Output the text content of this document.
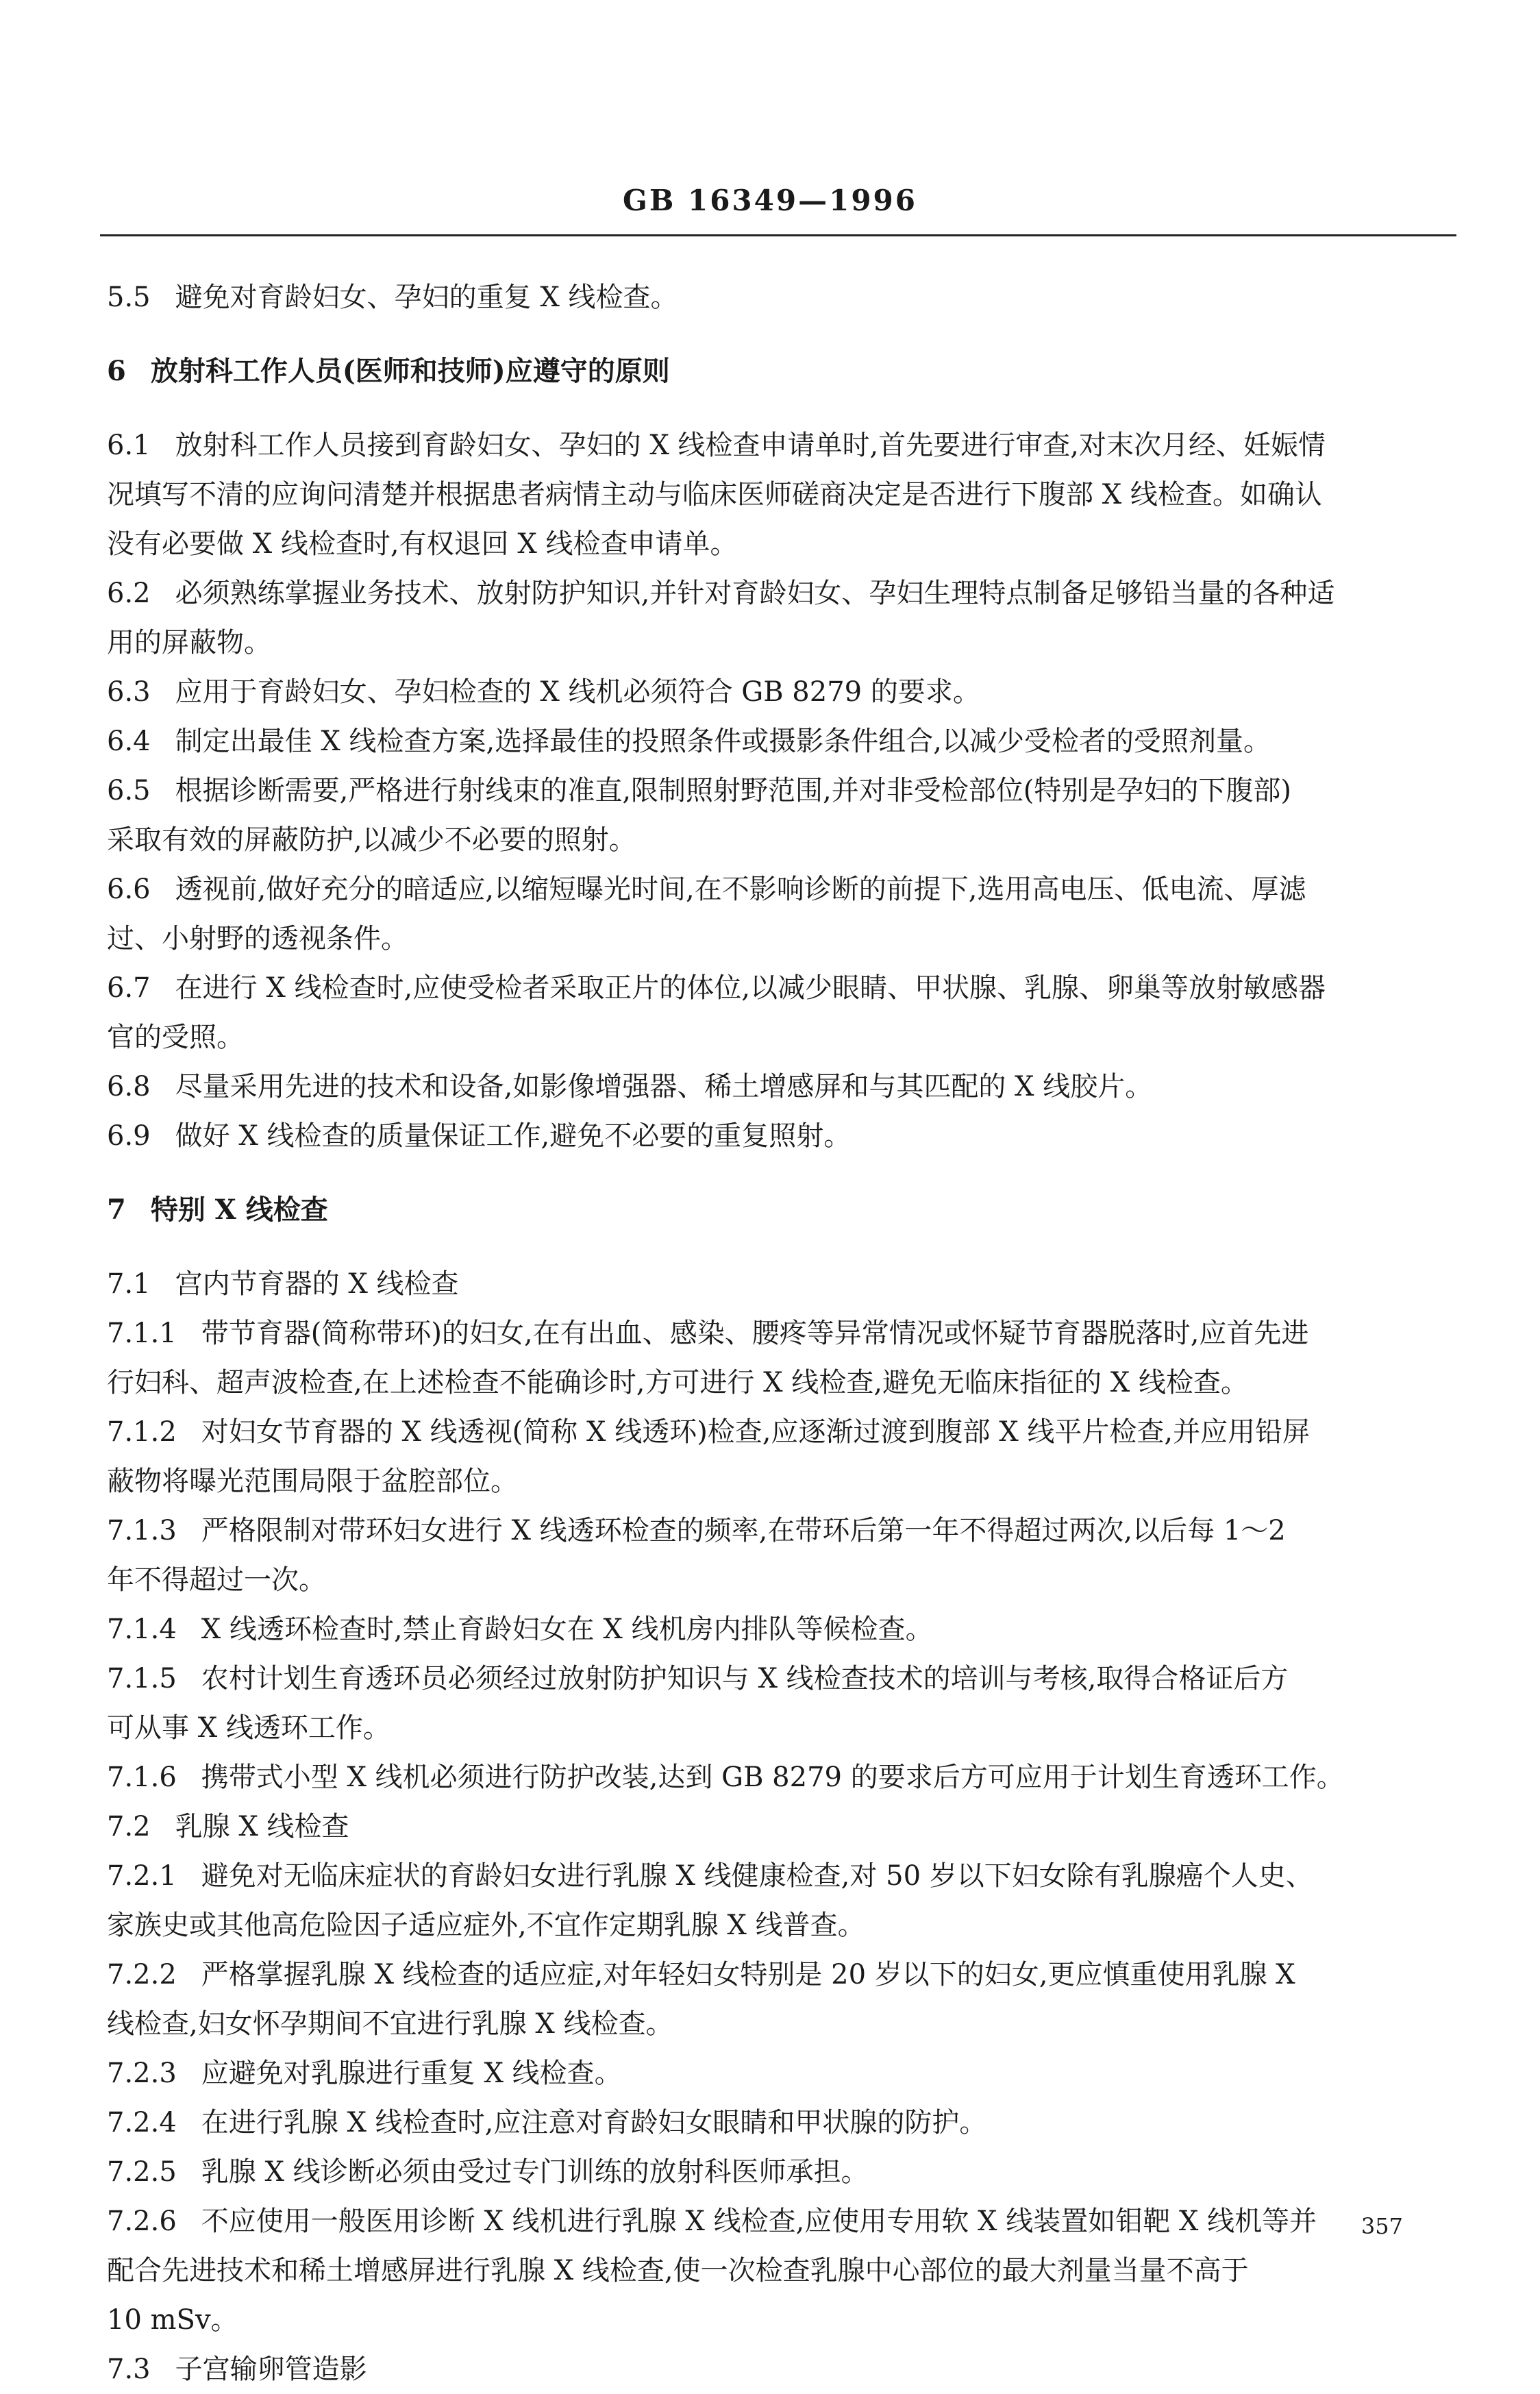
GB 16349—1996
5.5 避免对育龄妇女、孕妇的重复 X 线检查。
6 放射科工作人员(医师和技师)应遵守的原则
6.1 放射科工作人员接到育龄妇女、孕妇的 X 线检查申请单时,首先要进行审查,对末次月经、妊娠情
况填写不清的应询问清楚并根据患者病情主动与临床医师磋商决定是否进行下腹部 X 线检查。如确认
没有必要做 X 线检查时,有权退回 X 线检查申请单。
6.2 必须熟练掌握业务技术、放射防护知识,并针对育龄妇女、孕妇生理特点制备足够铅当量的各种适
用的屏蔽物。
6.3 应用于育龄妇女、孕妇检查的 X 线机必须符合 GB 8279 的要求。
6.4 制定出最佳 X 线检查方案,选择最佳的投照条件或摄影条件组合,以减少受检者的受照剂量。
6.5 根据诊断需要,严格进行射线束的准直,限制照射野范围,并对非受检部位(特别是孕妇的下腹部)
采取有效的屏蔽防护,以减少不必要的照射。
6.6 透视前,做好充分的暗适应,以缩短曝光时间,在不影响诊断的前提下,选用高电压、低电流、厚滤
过、小射野的透视条件。
6.7 在进行 X 线检查时,应使受检者采取正片的体位,以减少眼睛、甲状腺、乳腺、卵巢等放射敏感器
官的受照。
6.8 尽量采用先进的技术和设备,如影像增强器、稀土增感屏和与其匹配的 X 线胶片。
6.9 做好 X 线检查的质量保证工作,避免不必要的重复照射。
7 特别 X 线检查
7.1 宫内节育器的 X 线检查
7.1.1 带节育器(简称带环)的妇女,在有出血、感染、腰疼等异常情况或怀疑节育器脱落时,应首先进
行妇科、超声波检查,在上述检查不能确诊时,方可进行 X 线检查,避免无临床指征的 X 线检查。
7.1.2 对妇女节育器的 X 线透视(简称 X 线透环)检查,应逐渐过渡到腹部 X 线平片检查,并应用铅屏
蔽物将曝光范围局限于盆腔部位。
7.1.3 严格限制对带环妇女进行 X 线透环检查的频率,在带环后第一年不得超过两次,以后每 1～2
年不得超过一次。
7.1.4 X 线透环检查时,禁止育龄妇女在 X 线机房内排队等候检查。
7.1.5 农村计划生育透环员必须经过放射防护知识与 X 线检查技术的培训与考核,取得合格证后方
可从事 X 线透环工作。
7.1.6 携带式小型 X 线机必须进行防护改装,达到 GB 8279 的要求后方可应用于计划生育透环工作。
7.2 乳腺 X 线检查
7.2.1 避免对无临床症状的育龄妇女进行乳腺 X 线健康检查,对 50 岁以下妇女除有乳腺癌个人史、
家族史或其他高危险因子适应症外,不宜作定期乳腺 X 线普查。
7.2.2 严格掌握乳腺 X 线检查的适应症,对年轻妇女特别是 20 岁以下的妇女,更应慎重使用乳腺 X
线检查,妇女怀孕期间不宜进行乳腺 X 线检查。
7.2.3 应避免对乳腺进行重复 X 线检查。
7.2.4 在进行乳腺 X 线检查时,应注意对育龄妇女眼睛和甲状腺的防护。
7.2.5 乳腺 X 线诊断必须由受过专门训练的放射科医师承担。
7.2.6 不应使用一般医用诊断 X 线机进行乳腺 X 线检查,应使用专用软 X 线装置如钼靶 X 线机等并
配合先进技术和稀土增感屏进行乳腺 X 线检查,使一次检查乳腺中心部位的最大剂量当量不高于
10 mSv。
7.3 子宫输卵管造影
357
